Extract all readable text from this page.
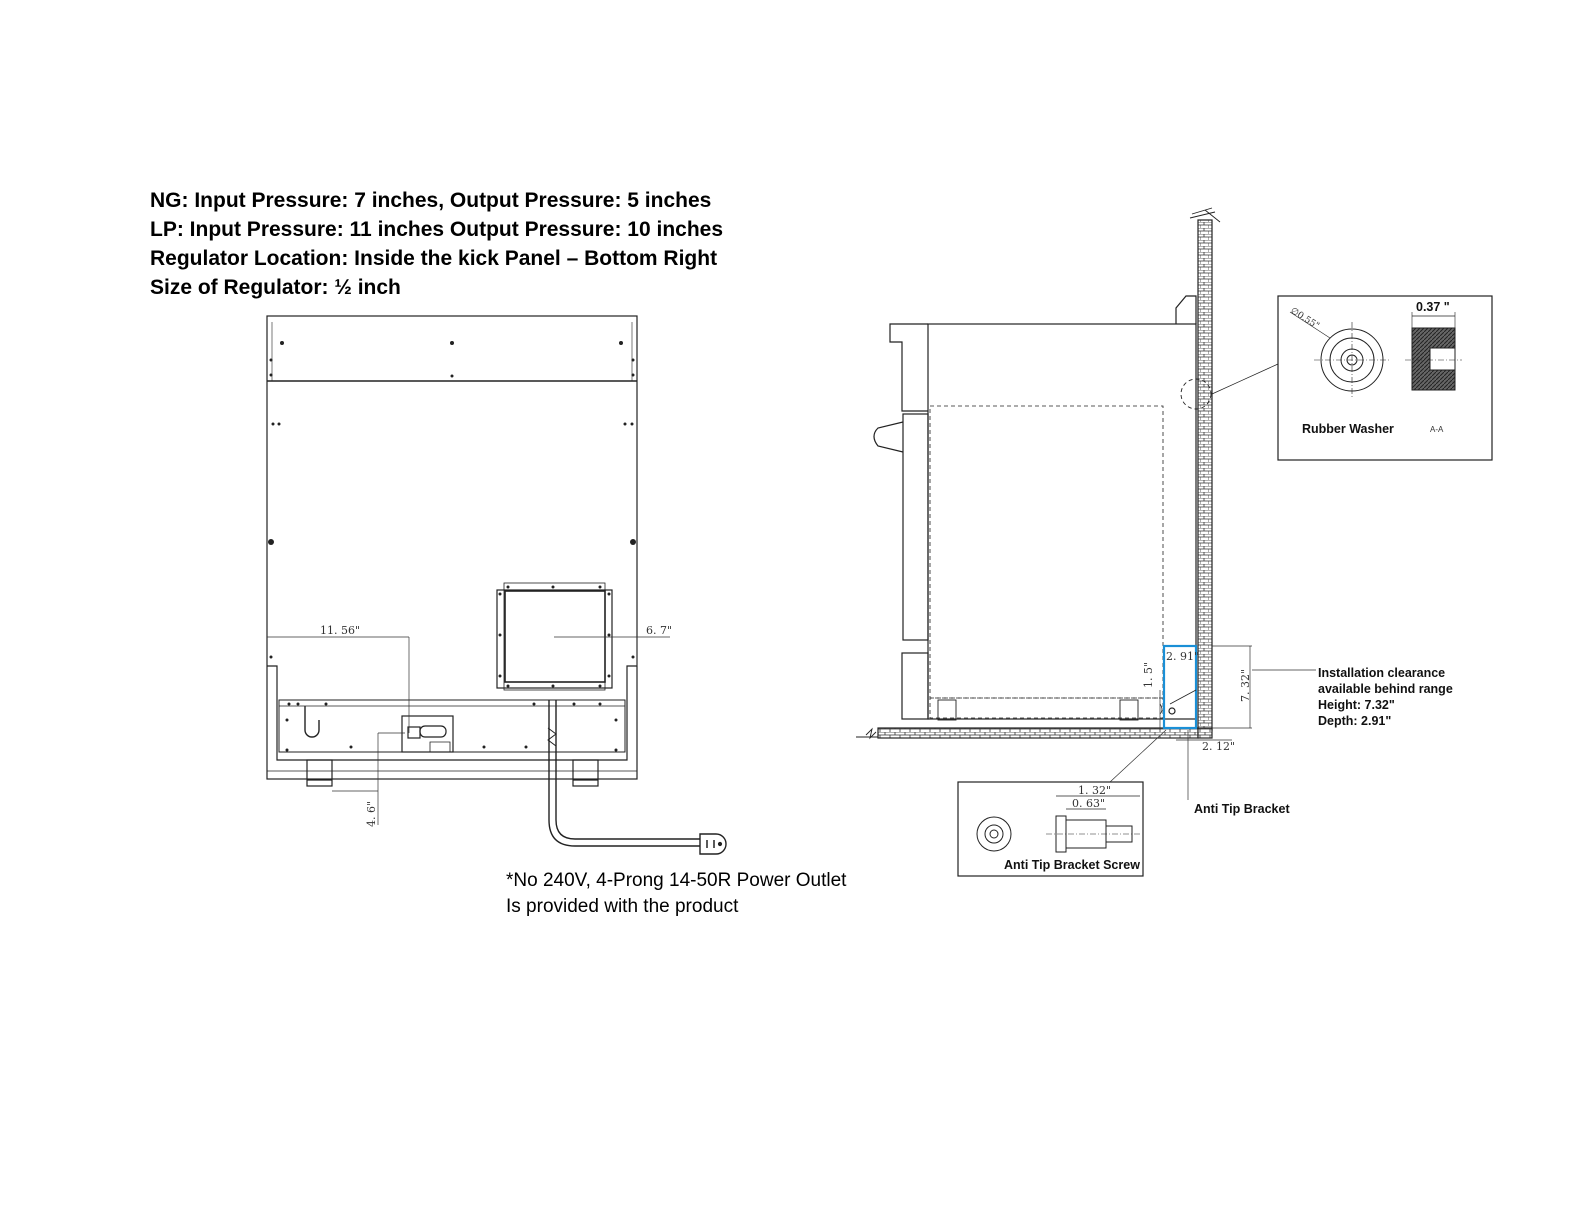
NG: Input Pressure: 7 inches, Output Pressure: 5 inches
LP: Input Pressure: 11 inches Output Pressure: 10 inches
Regulator Location: Inside the kick Panel – Bottom Right
Size of Regulator: ½ inch
11. 56"	6. 7"
4. 6"
2. 91"
7. 32"
1. 5"
2. 12"
Installation clearance
available behind range
Height: 7.32"
Depth: 2.91"
Anti Tip Bracket
0.37 "
∅0.55"
Rubber Washer	A-A
1. 32"
0. 63"
Anti Tip Bracket Screw
*No 240V, 4-Prong 14-50R Power Outlet
Is provided with the product
